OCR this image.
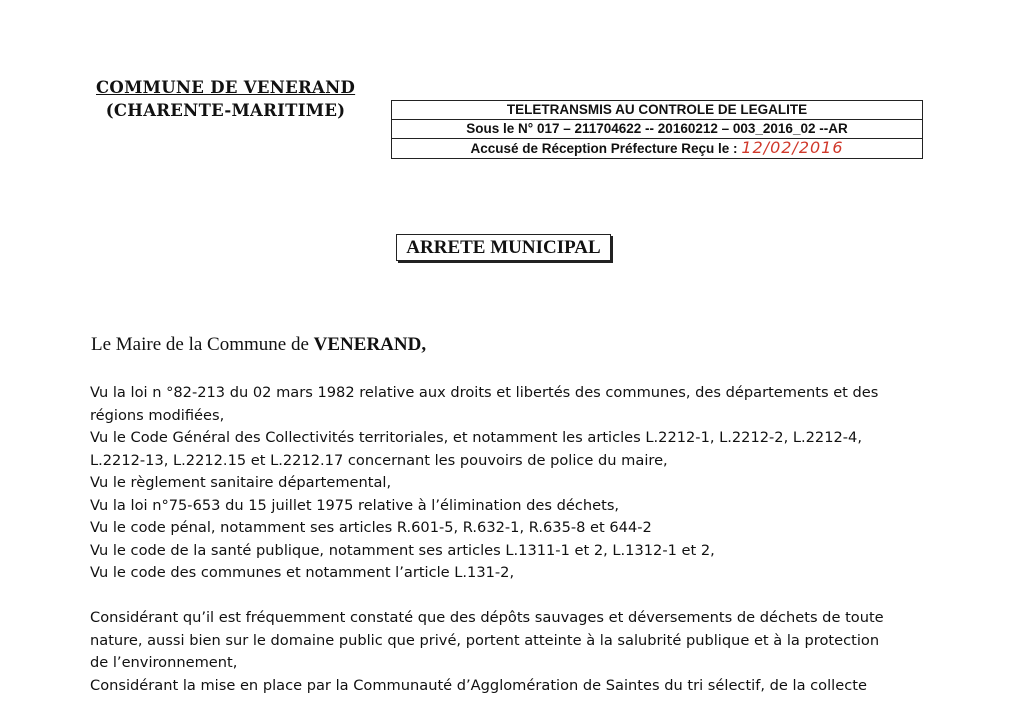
COMMUNE DE VENERAND
(CHARENTE-MARITIME)	TELETRANSMIS AU CONTROLE DE LEGALITE
Sous le N° 017 – 211704622 -- 20160212 – 003_2016_02 --AR
Accusé de Réception Préfecture Reçu le : 12/02/2016
ARRETE MUNICIPAL
Le Maire de la Commune de VENERAND,

Vu la loi n °82-213 du 02 mars 1982 relative aux droits et libertés des communes, des départements et des

régions modifiées,

Vu le Code Général des Collectivités territoriales, et notamment les articles L.2212-1, L.2212-2, L.2212-4,

L.2212-13, L.2212.15 et L.2212.17 concernant les pouvoirs de police du maire,

Vu le règlement sanitaire départemental,

Vu la loi n°75-653 du 15 juillet 1975 relative à l’élimination des déchets,

Vu le code pénal, notamment ses articles R.601-5, R.632-1, R.635-8 et 644-2

Vu le code de la santé publique, notamment ses articles L.1311-1 et 2, L.1312-1 et 2,

Vu le code des communes et notamment l’article L.131-2,

Considérant qu’il est fréquemment constaté que des dépôts sauvages et déversements de déchets de toute

nature, aussi bien sur le domaine public que privé, portent atteinte à la salubrité publique et à la protection

de l’environnement,

Considérant la mise en place par la Communauté d’Agglomération de Saintes du tri sélectif, de la collecte
